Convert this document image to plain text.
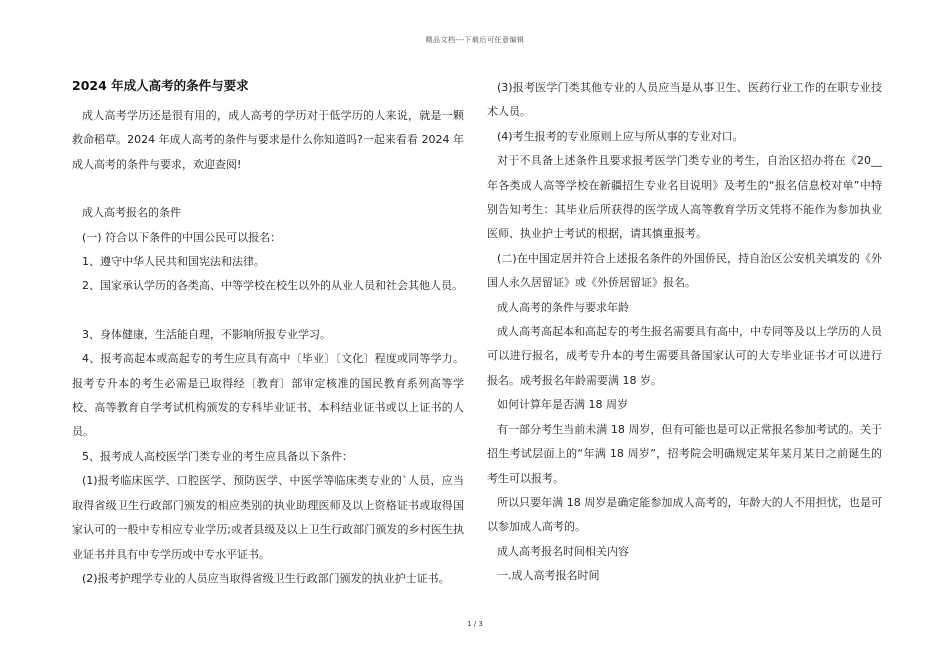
精品文档---下载后可任意编辑
2024 年成人高考的条件与要求

成人高考学历还是很有用的，成人高考的学历对于低学历的人来说，就是一颗救命稻草。2024 年成人高考的条件与要求是什么你知道吗?一起来看看 2024 年成人高考的条件与要求，欢迎查阅!

成人高考报名的条件

(一) 符合以下条件的中国公民可以报名：

1、遵守中华人民共和国宪法和法律。

2、国家承认学历的各类高、中等学校在校生以外的从业人员和社会其他人员。

3、身体健康，生活能自理，不影响所报专业学习。

4、报考高起本或高起专的考生应具有高中〔毕业〕〔文化〕程度或同等学力。报考专升本的考生必需是已取得经〔教育〕部审定核准的国民教育系列高等学校、高等教育自学考试机构颁发的专科毕业证书、本科结业证书或以上证书的人员。

5、报考成人高校医学门类专业的考生应具备以下条件：

(1)报考临床医学、口腔医学、预防医学、中医学等临床类专业的`人员，应当取得省级卫生行政部门颁发的相应类别的执业助理医师及以上资格证书或取得国家认可的一般中专相应专业学历;或者县级及以上卫生行政部门颁发的乡村医生执业证书并具有中专学历或中专水平证书。

(2)报考护理学专业的人员应当取得省级卫生行政部门颁发的执业护士证书。

(3)报考医学门类其他专业的人员应当是从事卫生、医药行业工作的在职专业技术人员。

(4)考生报考的专业原则上应与所从事的专业对口。

对于不具备上述条件且要求报考医学门类专业的考生，自治区招办将在《20__年各类成人高等学校在新疆招生专业名目说明》及考生的“报名信息校对单”中特别告知考生：其毕业后所获得的医学成人高等教育学历文凭将不能作为参加执业医师、执业护士考试的根据，请其慎重报考。

(二)在中国定居并符合上述报名条件的外国侨民，持自治区公安机关填发的《外国人永久居留证》或《外侨居留证》报名。

成人高考的条件与要求年龄

成人高考高起本和高起专的考生报名需要具有高中，中专同等及以上学历的人员可以进行报名，成考专升本的考生需要具备国家认可的大专毕业证书才可以进行报名。成考报名年龄需要满 18 岁。

如何计算年是否满 18 周岁

有一部分考生当前未满 18 周岁，但有可能也是可以正常报名参加考试的。关于招生考试层面上的“年满 18 周岁”，招考院会明确规定某年某月某日之前诞生的考生可以报考。

所以只要年满 18 周岁是确定能参加成人高考的，年龄大的人不用担忧，也是可以参加成人高考的。

成人高考报名时间相关内容

一.成人高考报名时间

1 / 3
